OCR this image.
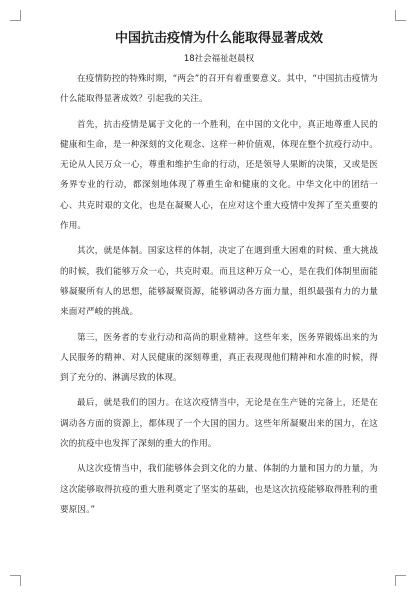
中国抗击疫情为什么能取得显著成效
18社会福祉赵晨权

在疫情防控的特殊时期，“两会”的召开有着重要意义。其中，“中国抗击疫情为什么能取得显著成效？引起我的关注。

首先，抗击疫情是属于文化的一个胜利，在中国的文化中，真正地尊重人民的健康和生命，是一种深刻的文化观念、这样一种价值观，体现在整个抗疫行动中。无论从人民万众一心，尊重和维护生命的行动，还是领导人果断的决策，又或是医务界专业的行动，都深刻地体现了尊重生命和健康的文化。中华文化中的团结一心、共克时艰的文化，也是在凝聚人心，在应对这个重大疫情中发挥了至关重要的作用。

其次，就是体制。国家这样的体制，决定了在遇到重大困难的时候、重大挑战的时候，我们能够万众一心，共克时艰。而且这种万众一心，是在我们体制里面能够凝聚所有人的思想，能够凝聚资源，能够调动各方面力量，组织最强有力的力量来面对严峻的挑战。

第三，医务者的专业行动和高尚的职业精神。这些年来，医务界锻炼出来的为人民服务的精神、对人民健康的深刻尊重，真正表现现他们精神和水准的时候，得到了充分的、淋漓尽致的体现。

最后，就是我们的国力。在这次疫情当中，无论是在生产链的完备上，还是在调动各方面的资源上，都体现了一个大国的国力。这些年所凝聚出来的国力，在这次的抗疫中也发挥了深刻的重大的作用。

从这次疫情当中，我们能够体会到文化的力量、体制的力量和国力的力量，为这次能够取得抗疫的重大胜利奠定了坚实的基础，也是这次抗疫能够取得胜利的重要原因。”
